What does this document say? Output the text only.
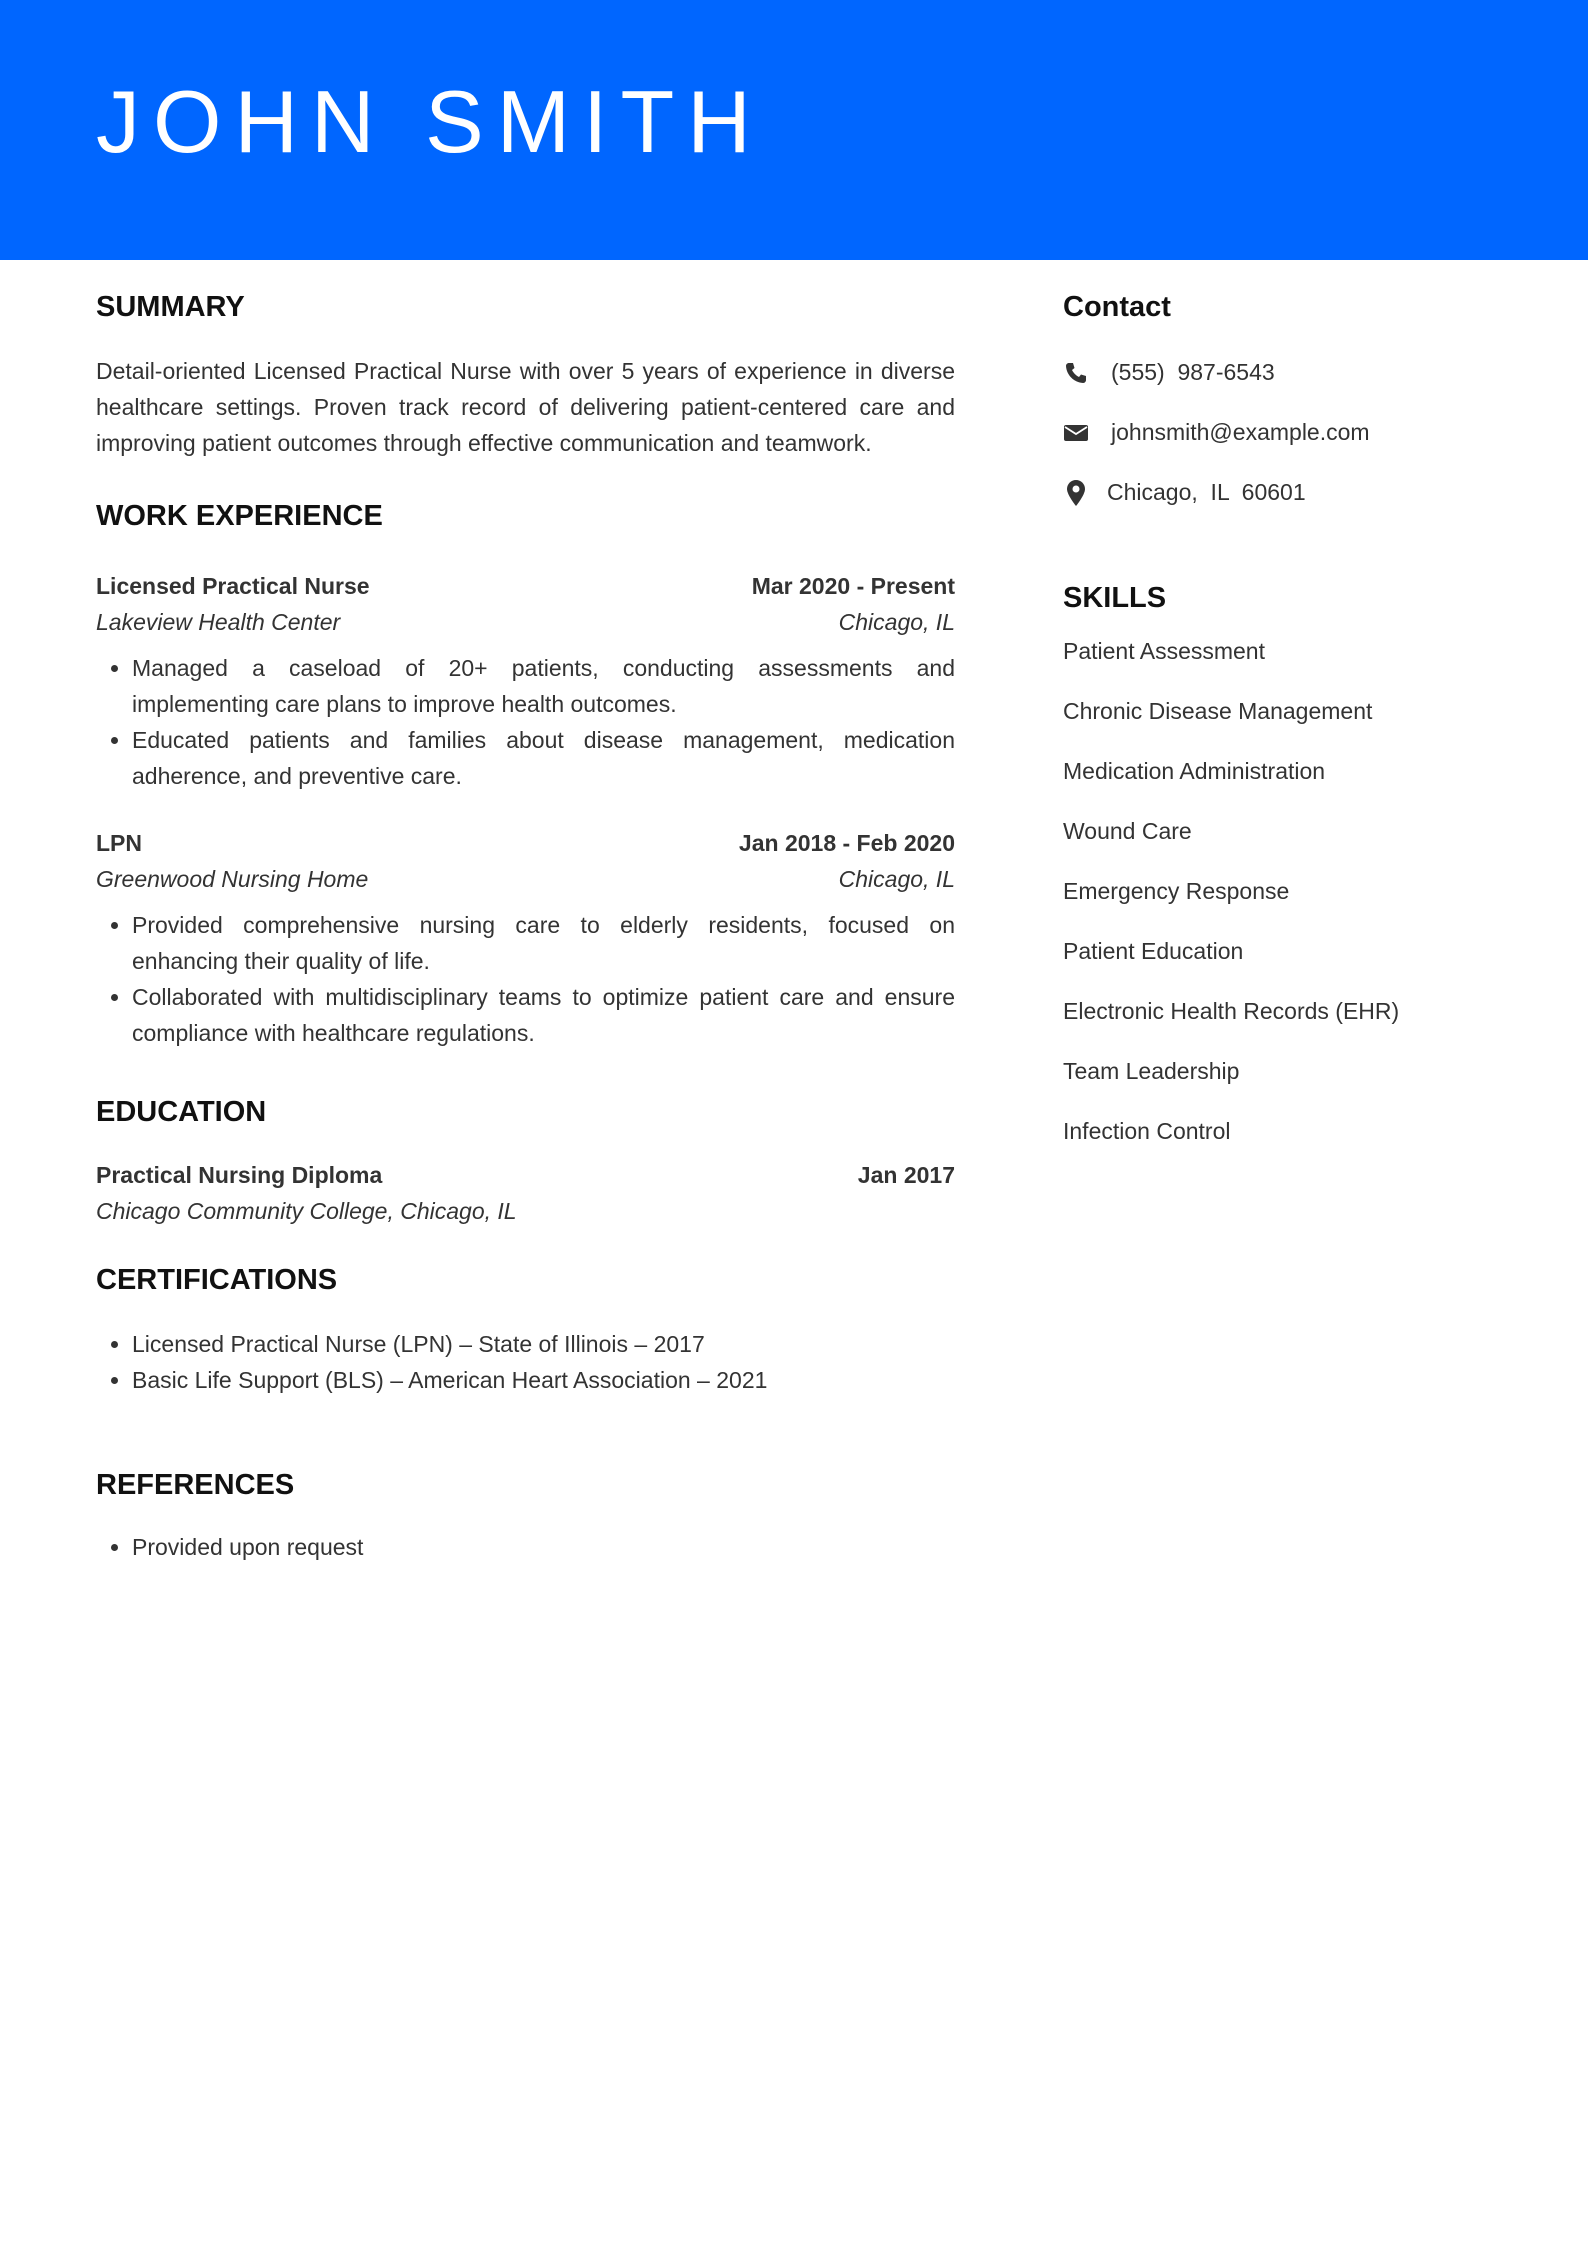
JOHN SMITH
SUMMARY

Detail-oriented Licensed Practical Nurse with over 5 years of experience in diverse healthcare settings. Proven track record of delivering patient-centered care and improving patient outcomes through effective communication and teamwork.

WORK EXPERIENCE
Licensed Practical Nurse	Mar 2020 - Present
Lakeview Health Center	Chicago, IL
• Managed a caseload of 20+ patients, conducting assessments and implementing care plans to improve health outcomes.
• Educated patients and families about disease management, medication adherence, and preventive care.
LPN	Jan 2018 - Feb 2020
Greenwood Nursing Home	Chicago, IL
• Provided comprehensive nursing care to elderly residents, focused on enhancing their quality of life.
• Collaborated with multidisciplinary teams to optimize patient care and ensure compliance with healthcare regulations.
EDUCATION
Practical Nursing Diploma	Jan 2017
Chicago Community College, Chicago, IL
CERTIFICATIONS
• Licensed Practical Nurse (LPN) – State of Illinois – 2017
• Basic Life Support (BLS) – American Heart Association – 2021
REFERENCES
• Provided upon request
Contact
(555)  987-6543
johnsmith@example.com
Chicago,  IL  60601
SKILLS
Patient Assessment
Chronic Disease Management
Medication Administration
Wound Care
Emergency Response
Patient Education
Electronic Health Records (EHR)
Team Leadership
Infection Control
